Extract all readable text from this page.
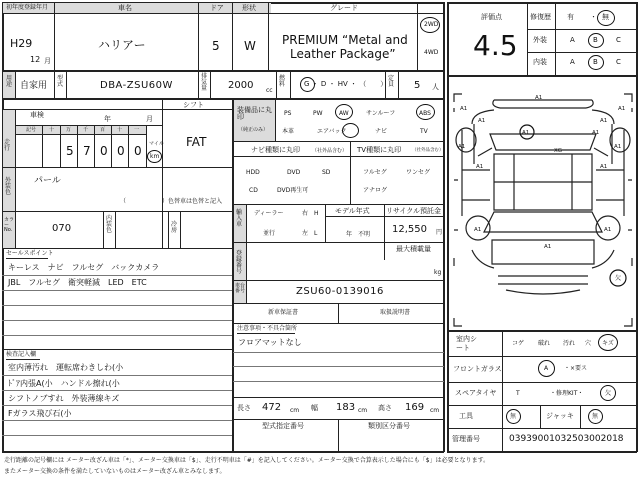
初年度登録年月
H29
12 月
車名
ハリアー
ドア
5
形状
W
グレード
PREMIUM “Metal and
Leather Package”
2WD
4WD
評価点
4.5
修復歴 有 ・ 無
外装	A	B	C
内装	A	B	C
用途 自家用
型式	DBA-ZSU60W
排気量 2000 cc
燃料	G ・ D ・ HV ・ （　　）
定員 5 人
車検	年	月
シフト
FAT
走行
記号	十 万 千 百 十 一
5 7 0 0 0 マイル
km
外装色
パール
（　　　　　　）色替車は色替と記入
カラーNo.	070
内装色
冷房
セールスポイント
キーレス　ナビ　フルセグ　バックカメラ
JBL　フルセグ　衛突軽減　LED　ETC
検査記入欄
室内薄汚れ　運転席わきしわ(小
ﾄﾞｱ内張A(小　ハンドル擦れ(小
シフトノブすれ　外装薄線キズ
Fガラス飛び石(小
装備品に丸印
（純正のみ）
PS	PW	AW	サンルーフ	ABS
本革	エアバック	ナビ	TV
ナビ種類に丸印 （社外品含む）
HDD	DVD	SD
CD	DVD再生可
TV種類に丸印 （社外品含む）
フルセグ	ワンセグ
アナログ
輸入車
ディーラー	右 H
並行	左 L
モデル年式
年　不明
リサイクル預託金
12,550 円
最大積載量
kg
登録番号
車台番号	ZSU60-0139016
新車保証書	取扱説明書
注意事項・不具合箇所
フロアマットなし
長さ 472 cm 幅 183 cm 高さ 169 cm
型式指定番号	類別区分番号
A1
A1	A1
A1	A1
A1	A1
A1	A1
A1	A1
XG
A1	A1
A1
欠
室内シート
コゲ 破れ 汚れ 穴 キズ
フロントガラス	A	・×要ス
スペアタイヤ	T	・修理KIT・	欠
工具	無	ジャッキ	無
管理番号	03939001032503002018
走行距離の記号欄には メーター改ざん車は「*」、メーター交換車は「$」、走行不明車は「#」を記入してください。メーター交換で合算表示した場合にも「$」は必要となります。
またメーター交換の条件を満たしていないものはメーター改ざん車とみなします。
